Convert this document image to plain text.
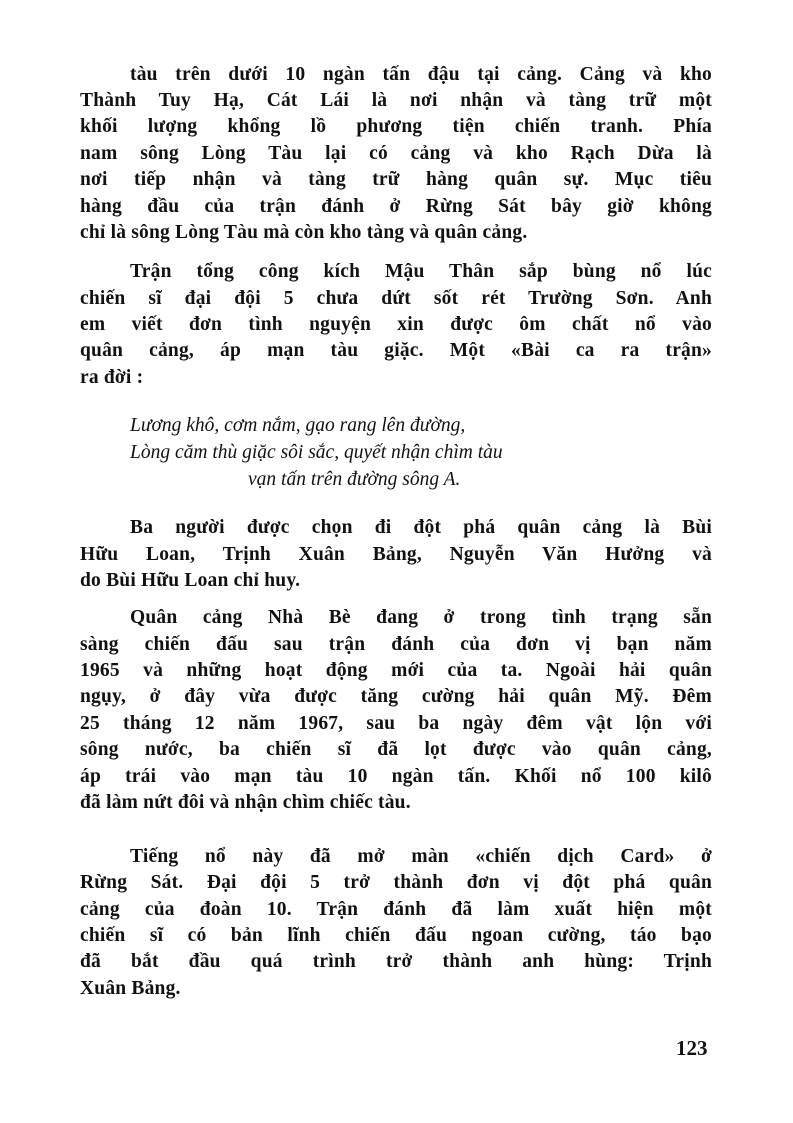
tàu trên dưới 10 ngàn tấn đậu tại cảng. Cảng và kho
Thành Tuy Hạ, Cát Lái là nơi nhận và tàng trữ một
khối lượng khổng lồ phương tiện chiến tranh. Phía
nam sông Lòng Tàu lại có cảng và kho Rạch Dừa là
nơi tiếp nhận và tàng trữ hàng quân sự. Mục tiêu
hàng đầu của trận đánh ở Rừng Sát bây giờ không
chỉ là sông Lòng Tàu mà còn kho tàng và quân cảng.
Trận tổng công kích Mậu Thân sắp bùng nổ lúc
chiến sĩ đại đội 5 chưa dứt sốt rét Trường Sơn. Anh
em viết đơn tình nguyện xin được ôm chất nổ vào
quân cảng, áp mạn tàu giặc. Một «Bài ca ra trận»
ra đời :
Lương khô, cơm nắm, gạo rang lên đường,
Lòng căm thù giặc sôi sắc, quyết nhận chìm tàu
vạn tấn trên đường sông A.
Ba người được chọn đi đột phá quân cảng là Bùi
Hữu Loan, Trịnh Xuân Bảng, Nguyễn Văn Hưởng và
do Bùi Hữu Loan chỉ huy.
Quân cảng Nhà Bè đang ở trong tình trạng sẵn
sàng chiến đấu sau trận đánh của đơn vị bạn năm
1965 và những hoạt động mới của ta. Ngoài hải quân
ngụy, ở đây vừa được tăng cường hải quân Mỹ. Đêm
25 tháng 12 năm 1967, sau ba ngày đêm vật lộn với
sông nước, ba chiến sĩ đã lọt được vào quân cảng,
áp trái vào mạn tàu 10 ngàn tấn. Khối nổ 100 kilô
đã làm nứt đôi và nhận chìm chiếc tàu.
Tiếng nổ này đã mở màn «chiến dịch Card» ở
Rừng Sát. Đại đội 5 trở thành đơn vị đột phá quân
cảng của đoàn 10. Trận đánh đã làm xuất hiện một
chiến sĩ có bản lĩnh chiến đấu ngoan cường, táo bạo
đã bắt đầu quá trình trở thành anh hùng: Trịnh
Xuân Bảng.
123
